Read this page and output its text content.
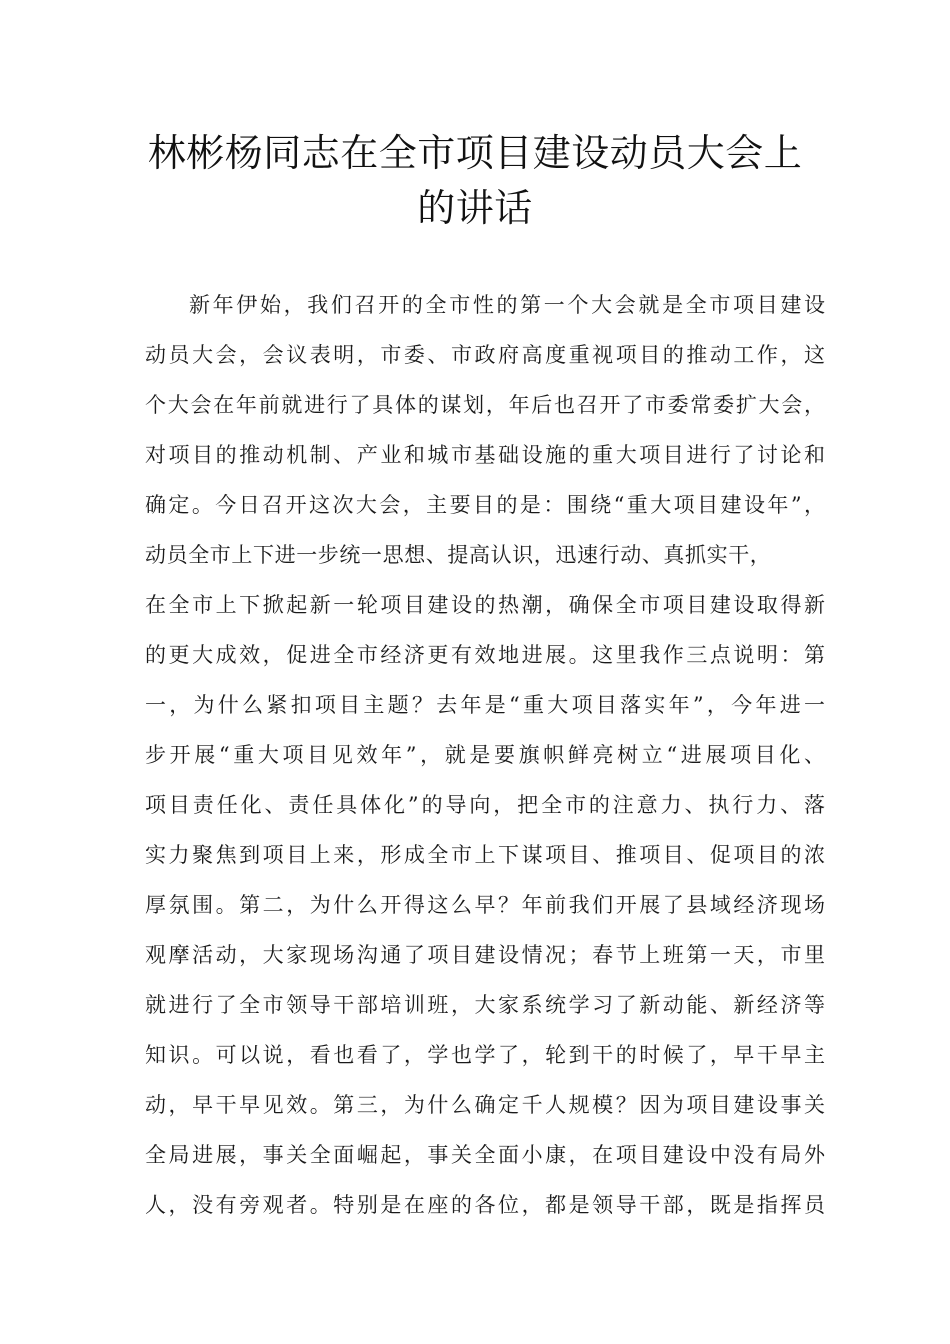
林彬杨同志在全市项目建设动员大会上
的讲话
新年伊始，我们召开的全市性的第一个大会就是全市项目建设
动员大会，会议表明，市委、市政府高度重视项目的推动工作，这
个大会在年前就进行了具体的谋划，年后也召开了市委常委扩大会，
对项目的推动机制、产业和城市基础设施的重大项目进行了讨论和
确定。今日召开这次大会，主要目的是：围绕“重大项目建设年”，
动员全市上下进一步统一思想、提高认识，迅速行动、真抓实干，
在全市上下掀起新一轮项目建设的热潮，确保全市项目建设取得新
的更大成效，促进全市经济更有效地进展。这里我作三点说明：第
一，为什么紧扣项目主题？去年是“重大项目落实年”，今年进一
步开展“重大项目见效年”，就是要旗帜鲜亮树立“进展项目化、
项目责任化、责任具体化”的导向，把全市的注意力、执行力、落
实力聚焦到项目上来，形成全市上下谋项目、推项目、促项目的浓
厚氛围。第二，为什么开得这么早？年前我们开展了县域经济现场
观摩活动，大家现场沟通了项目建设情况；春节上班第一天，市里
就进行了全市领导干部培训班，大家系统学习了新动能、新经济等
知识。可以说，看也看了，学也学了，轮到干的时候了，早干早主
动，早干早见效。第三，为什么确定千人规模？因为项目建设事关
全局进展，事关全面崛起，事关全面小康，在项目建设中没有局外
人，没有旁观者。特别是在座的各位，都是领导干部，既是指挥员
